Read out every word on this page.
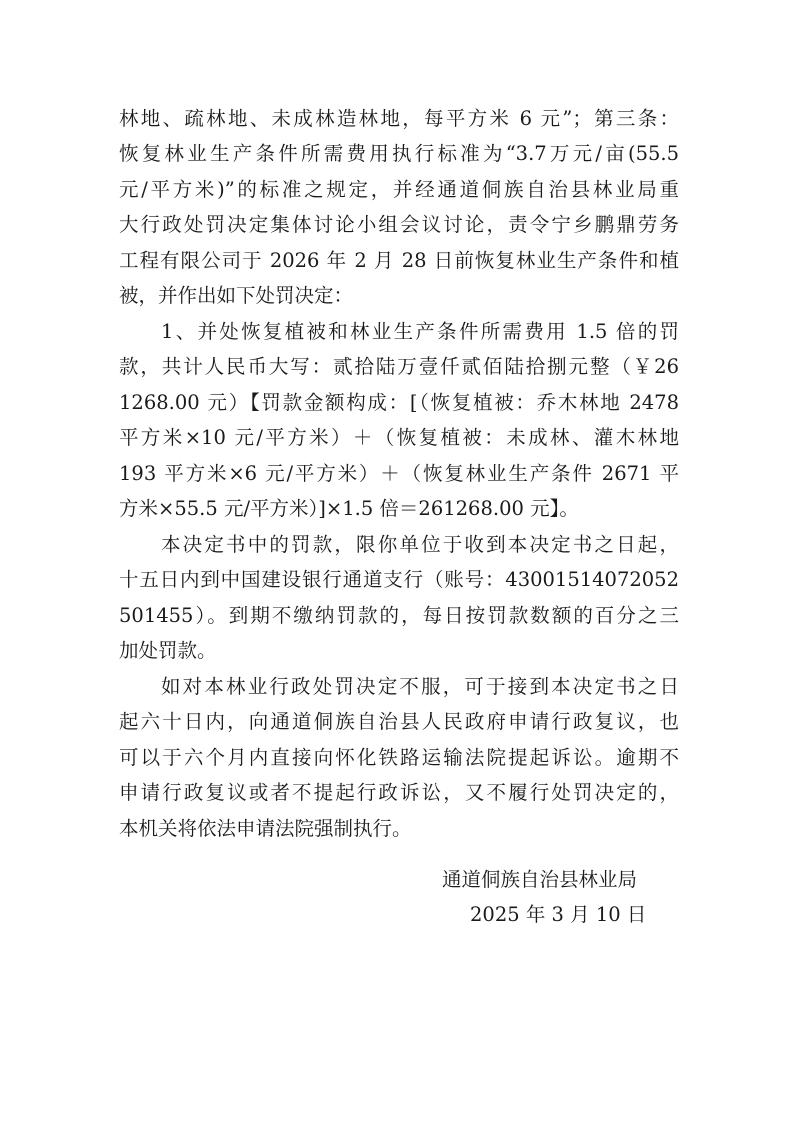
林地、疏林地、未成林造林地，每平方米 6 元”；第三条：
恢复林业生产条件所需费用执行标准为“3.7万元/亩(55.5
元/平方米)”的标准之规定，并经通道侗族自治县林业局重
大行政处罚决定集体讨论小组会议讨论，责令宁乡鹏鼎劳务
工程有限公司于 2026 年 2 月 28 日前恢复林业生产条件和植
被，并作出如下处罚决定：
1、并处恢复植被和林业生产条件所需费用 1.5 倍的罚
款，共计人民币大写：贰拾陆万壹仟贰佰陆拾捌元整（￥26
1268.00 元）【罚款金额构成：[（恢复植被：乔木林地 2478
平方米×10 元/平方米）＋（恢复植被：未成林、灌木林地
193 平方米×6 元/平方米）＋（恢复林业生产条件 2671 平
方米×55.5 元/平方米）]×1.5 倍＝261268.00 元】。
本决定书中的罚款，限你单位于收到本决定书之日起，
十五日内到中国建设银行通道支行（账号：43001514072052
501455）。到期不缴纳罚款的，每日按罚款数额的百分之三
加处罚款。
如对本林业行政处罚决定不服，可于接到本决定书之日
起六十日内，向通道侗族自治县人民政府申请行政复议，也
可以于六个月内直接向怀化铁路运输法院提起诉讼。逾期不
申请行政复议或者不提起行政诉讼，又不履行处罚决定的，
本机关将依法申请法院强制执行。
通道侗族自治县林业局
2025 年 3 月 10 日
